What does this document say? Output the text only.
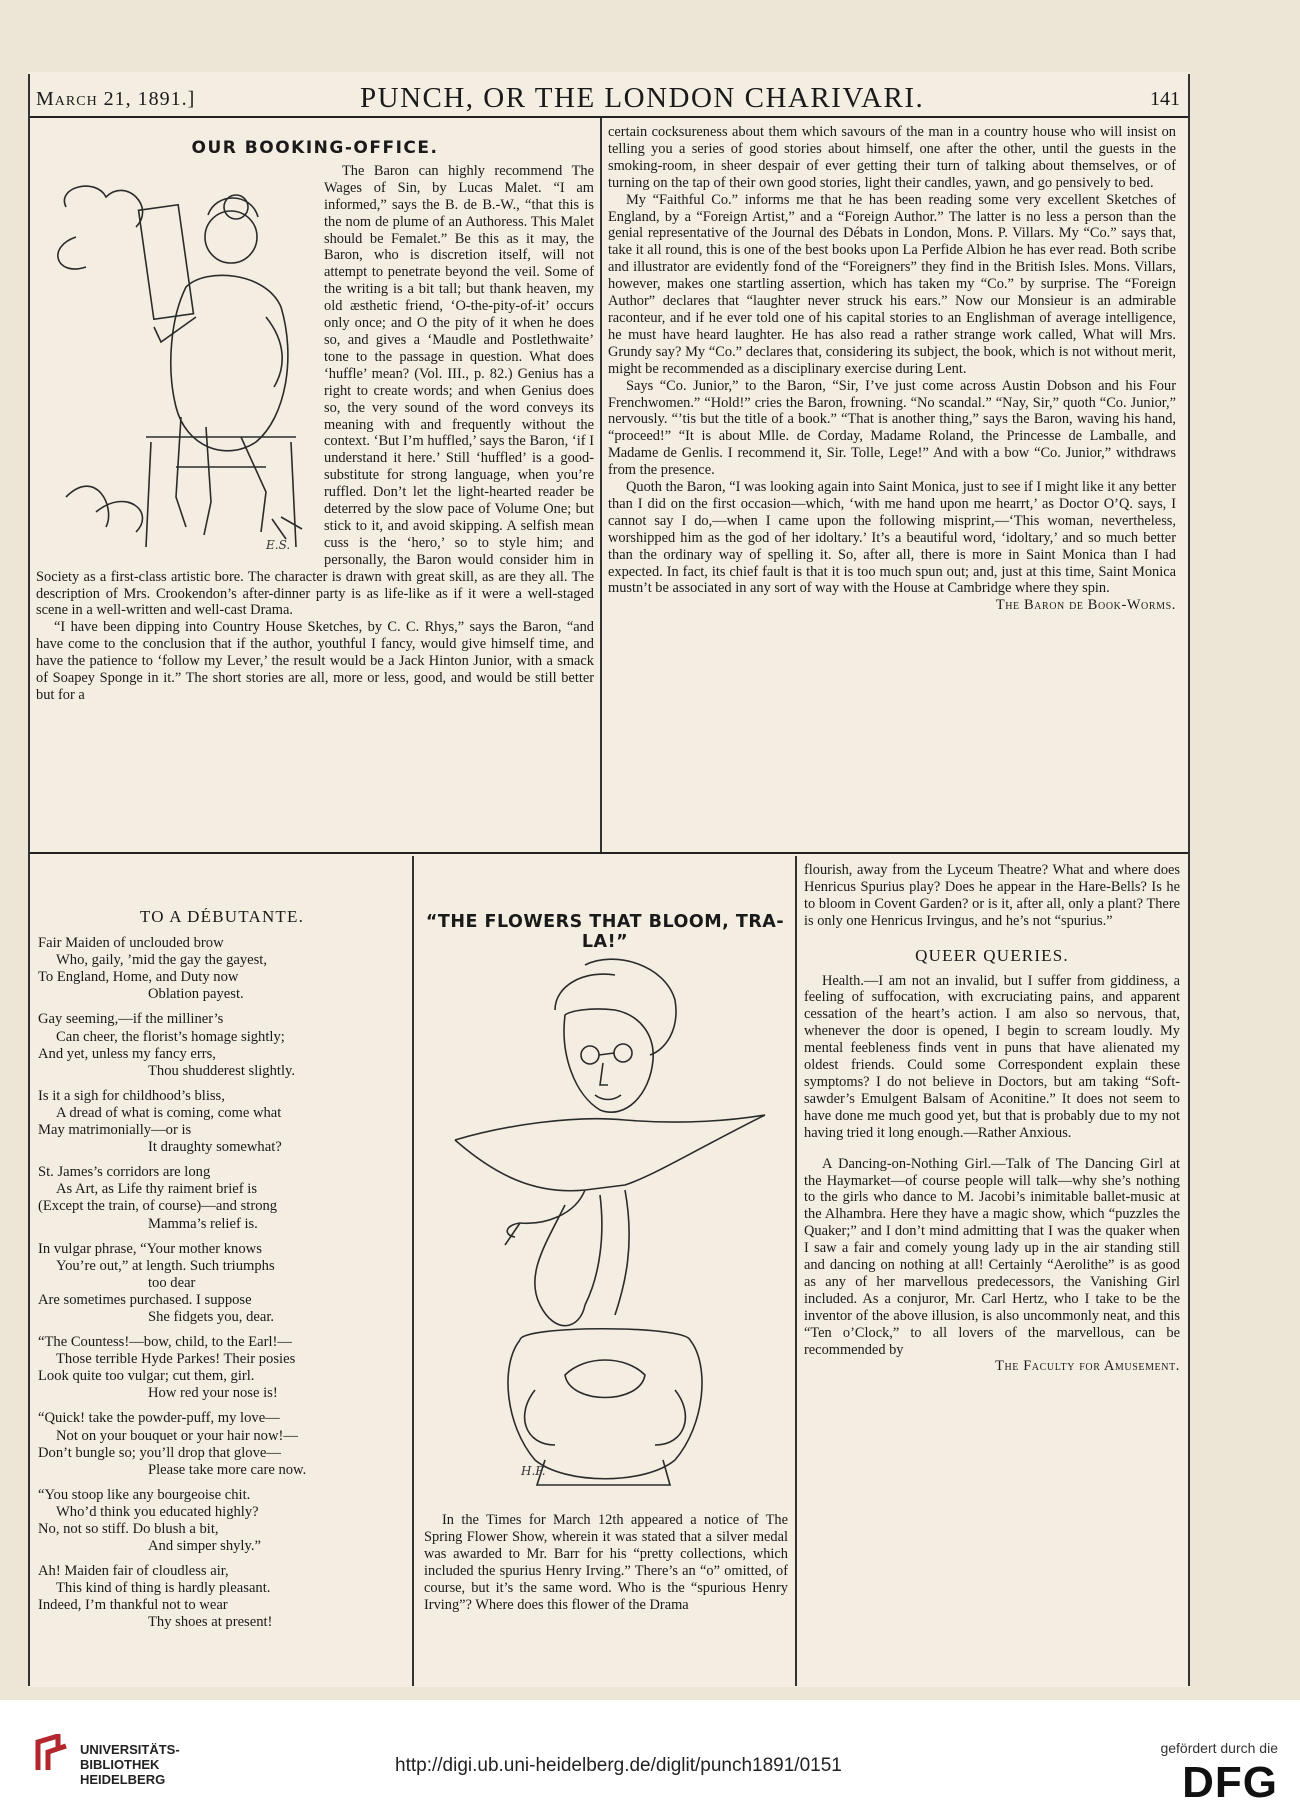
March 21, 1891.]	PUNCH, OR THE LONDON CHARIVARI.	141
OUR BOOKING-OFFICE.
E.S.

The Baron can highly recommend The Wages of Sin, by Lucas Malet. “I am informed,” says the B. de B.-W., “that this is the nom de plume of an Authoress. This Malet should be Femalet.” Be this as it may, the Baron, who is discretion itself, will not attempt to penetrate beyond the veil. Some of the writing is a bit tall; but thank heaven, my old æsthetic friend, ‘O-the-pity-of-it’ occurs only once; and O the pity of it when he does so, and gives a ‘Maudle and Postlethwaite’ tone to the passage in question. What does ‘huffle’ mean? (Vol. III., p. 82.) Genius has a right to create words; and when Genius does so, the very sound of the word conveys its meaning with and frequently without the context. ‘But I’m huffled,’ says the Baron, ‘if I understand it here.’ Still ‘huffled’ is a good-substitute for strong language, when you’re ruffled. Don’t let the light-hearted reader be deterred by the slow pace of Volume One; but stick to it, and avoid skipping. A selfish mean cuss is the ‘hero,’ so to style him; and personally, the Baron would consider him in Society as a first-class artistic bore. The character is drawn with great skill, as are they all. The description of Mrs. Crookendon’s after-dinner party is as life-like as if it were a well-staged scene in a well-written and well-cast Drama.

“I have been dipping into Country House Sketches, by C. C. Rhys,” says the Baron, “and have come to the conclusion that if the author, youthful I fancy, would give himself time, and have the patience to ‘follow my Lever,’ the result would be a Jack Hinton Junior, with a smack of Soapey Sponge in it.” The short stories are all, more or less, good, and would be still better but for a

certain cocksureness about them which savours of the man in a country house who will insist on telling you a series of good stories about himself, one after the other, until the guests in the smoking-room, in sheer despair of ever getting their turn of talking about themselves, or of turning on the tap of their own good stories, light their candles, yawn, and go pensively to bed.

My “Faithful Co.” informs me that he has been reading some very excellent Sketches of England, by a “Foreign Artist,” and a “Foreign Author.” The latter is no less a person than the genial representative of the Journal des Débats in London, Mons. P. Villars. My “Co.” says that, take it all round, this is one of the best books upon La Perfide Albion he has ever read. Both scribe and illustrator are evidently fond of the “Foreigners” they find in the British Isles. Mons. Villars, however, makes one startling assertion, which has taken my “Co.” by surprise. The “Foreign Author” declares that “laughter never struck his ears.” Now our Monsieur is an admirable raconteur, and if he ever told one of his capital stories to an Englishman of average intelligence, he must have heard laughter. He has also read a rather strange work called, What will Mrs. Grundy say? My “Co.” declares that, considering its subject, the book, which is not without merit, might be recommended as a disciplinary exercise during Lent.

Says “Co. Junior,” to the Baron, “Sir, I’ve just come across Austin Dobson and his Four Frenchwomen.” “Hold!” cries the Baron, frowning. “No scandal.” “Nay, Sir,” quoth “Co. Junior,” nervously. “’tis but the title of a book.” “That is another thing,” says the Baron, waving his hand, “proceed!” “It is about Mlle. de Corday, Madame Roland, the Princesse de Lamballe, and Madame de Genlis. I recommend it, Sir. Tolle, Lege!” And with a bow “Co. Junior,” withdraws from the presence.

Quoth the Baron, “I was looking again into Saint Monica, just to see if I might like it any better than I did on the first occasion—which, ‘with me hand upon me hearrt,’ as Doctor O’Q. says, I cannot say I do,—when I came upon the following misprint,—‘This woman, nevertheless, worshipped him as the god of her idoltary.’ It’s a beautiful word, ‘idoltary,’ and so much better than the ordinary way of spelling it. So, after all, there is more in Saint Monica than I had expected. In fact, its chief fault is that it is too much spun out; and, just at this time, Saint Monica mustn’t be associated in any sort of way with the House at Cambridge where they spin.

The Baron de Book-Worms.
TO A DÉBUTANTE.
Fair Maiden of unclouded brow
Who, gaily, ’mid the gay the gayest,
To England, Home, and Duty now
Oblation payest.
Gay seeming,—if the milliner’s
Can cheer, the florist’s homage sightly;
And yet, unless my fancy errs,
Thou shudderest slightly.
Is it a sigh for childhood’s bliss,
A dread of what is coming, come what
May matrimonially—or is
It draughty somewhat?
St. James’s corridors are long
As Art, as Life thy raiment brief is
(Except the train, of course)—and strong
Mamma’s relief is.
In vulgar phrase, “Your mother knows
You’re out,” at length. Such triumphs
too dear
Are sometimes purchased. I suppose
She fidgets you, dear.
“The Countess!—bow, child, to the Earl!—
Those terrible Hyde Parkes! Their posies
Look quite too vulgar; cut them, girl.
How red your nose is!
“Quick! take the powder-puff, my love—
Not on your bouquet or your hair now!—
Don’t bungle so; you’ll drop that glove—
Please take more care now.
“You stoop like any bourgeoise chit.
Who’d think you educated highly?
No, not so stiff. Do blush a bit,
And simper shyly.”
Ah! Maiden fair of cloudless air,
This kind of thing is hardly pleasant.
Indeed, I’m thankful not to wear
Thy shoes at present!
“THE FLOWERS THAT BLOOM, TRA-LA!”
H.F.

In the Times for March 12th appeared a notice of The Spring Flower Show, wherein it was stated that a silver medal was awarded to Mr. Barr for his “pretty collections, which included the spurius Henry Irving.” There’s an “o” omitted, of course, but it’s the same word. Who is the “spurious Henry Irving”? Where does this flower of the Drama

flourish, away from the Lyceum Theatre? What and where does Henricus Spurius play? Does he appear in the Hare-Bells? Is he to bloom in Covent Garden? or is it, after all, only a plant? There is only one Henricus Irvingus, and he’s not “spurius.”

QUEER QUERIES.

Health.—I am not an invalid, but I suffer from giddiness, a feeling of suffocation, with excruciating pains, and apparent cessation of the heart’s action. I am also so nervous, that, whenever the door is opened, I begin to scream loudly. My mental feebleness finds vent in puns that have alienated my oldest friends. Could some Correspondent explain these symptoms? I do not believe in Doctors, but am taking “Soft-sawder’s Emulgent Balsam of Aconitine.” It does not seem to have done me much good yet, but that is probably due to my not having tried it long enough.—Rather Anxious.

A Dancing-on-Nothing Girl.—Talk of The Dancing Girl at the Haymarket—of course people will talk—why she’s nothing to the girls who dance to M. Jacobi’s inimitable ballet-music at the Alhambra. Here they have a magic show, which “puzzles the Quaker;” and I don’t mind admitting that I was the quaker when I saw a fair and comely young lady up in the air standing still and dancing on nothing at all! Certainly “Aerolithe” is as good as any of her marvellous predecessors, the Vanishing Girl included. As a conjuror, Mr. Carl Hertz, who I take to be the inventor of the above illusion, is also uncommonly neat, and this “Ten o’Clock,” to all lovers of the marvellous, can be recommended by

The Faculty for Amusement.
UNIVERSITÄTS-
BIBLIOTHEK
HEIDELBERG
http://digi.ub.uni-heidelberg.de/diglit/punch1891/0151
gefördert durch die
DFG
